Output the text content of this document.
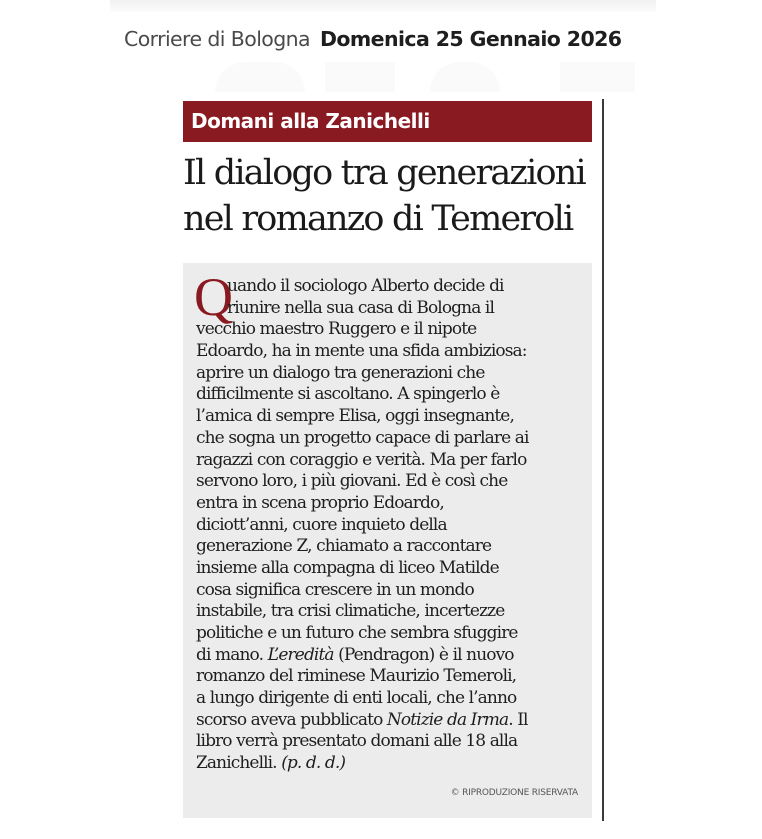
Corriere di Bologna Domenica 25 Gennaio 2026
Domani alla Zanichelli
Il dialogo tra generazioni
nel romanzo di Temeroli
Q
uando il sociologo Alberto decide di
riunire nella sua casa di Bologna il
vecchio maestro Ruggero e il nipote
Edoardo, ha in mente una sfida ambiziosa:
aprire un dialogo tra generazioni che
difficilmente si ascoltano. A spingerlo è
l’amica di sempre Elisa, oggi insegnante,
che sogna un progetto capace di parlare ai
ragazzi con coraggio e verità. Ma per farlo
servono loro, i più giovani. Ed è così che
entra in scena proprio Edoardo,
diciott’anni, cuore inquieto della
generazione Z, chiamato a raccontare
insieme alla compagna di liceo Matilde
cosa significa crescere in un mondo
instabile, tra crisi climatiche, incertezze
politiche e un futuro che sembra sfuggire
di mano. L’eredità (Pendragon) è il nuovo
romanzo del riminese Maurizio Temeroli,
a lungo dirigente di enti locali, che l’anno
scorso aveva pubblicato Notizie da Irma. Il
libro verrà presentato domani alle 18 alla
Zanichelli. (p. d. d.)
© RIPRODUZIONE RISERVATA
